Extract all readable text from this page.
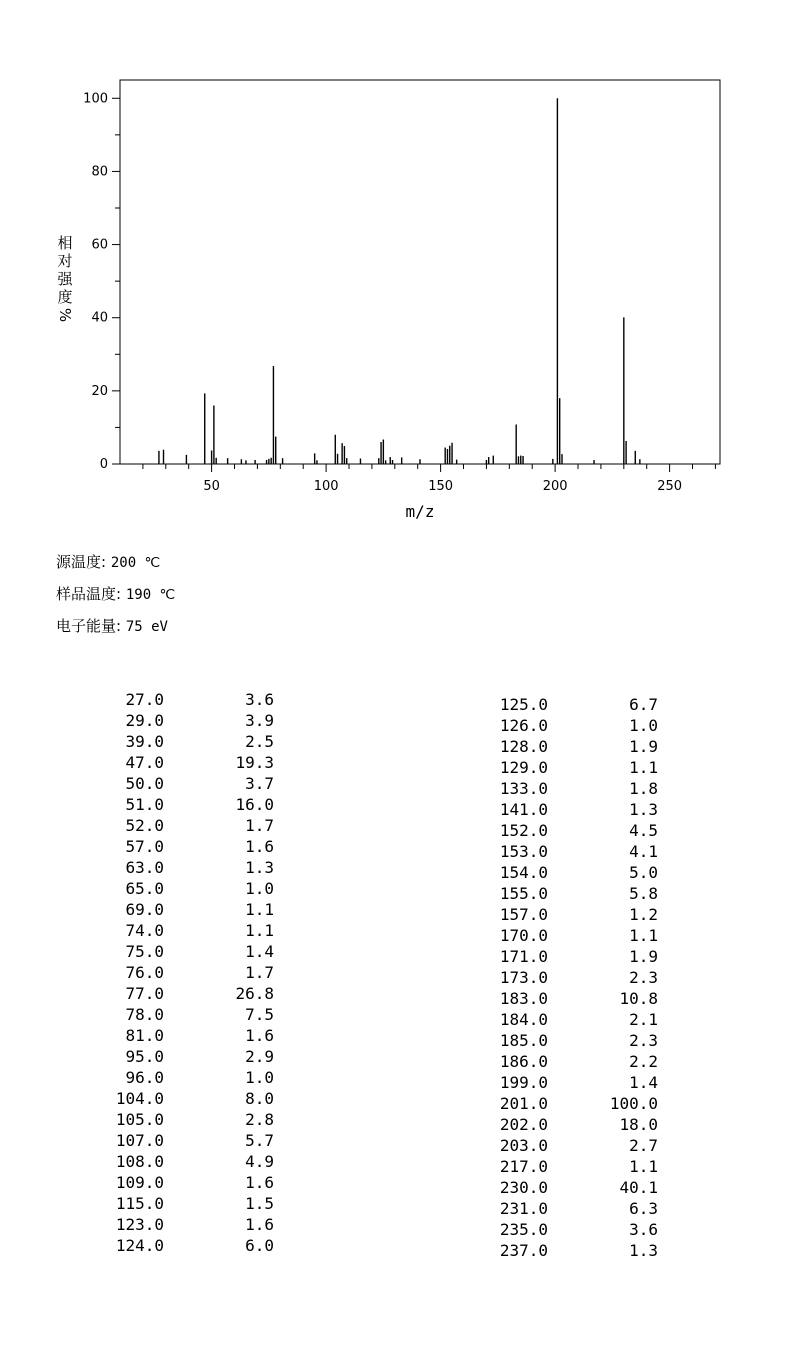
0
20
40
60
80
100
50	100	150	200	250
m/z
相
对
强
度
%
源温度: 200 ℃
样品温度: 190 ℃
电子能量: 75 eV
27.0	3.6
29.0	3.9
39.0	2.5
47.0	19.3
50.0	3.7
51.0	16.0
52.0	1.7
57.0	1.6
63.0	1.3
65.0	1.0
69.0	1.1
74.0	1.1
75.0	1.4
76.0	1.7
77.0	26.8
78.0	7.5
81.0	1.6
95.0	2.9
96.0	1.0
104.0	8.0
105.0	2.8
107.0	5.7
108.0	4.9
109.0	1.6
115.0	1.5
123.0	1.6
124.0	6.0
125.0	6.7
126.0	1.0
128.0	1.9
129.0	1.1
133.0	1.8
141.0	1.3
152.0	4.5
153.0	4.1
154.0	5.0
155.0	5.8
157.0	1.2
170.0	1.1
171.0	1.9
173.0	2.3
183.0	10.8
184.0	2.1
185.0	2.3
186.0	2.2
199.0	1.4
201.0	100.0
202.0	18.0
203.0	2.7
217.0	1.1
230.0	40.1
231.0	6.3
235.0	3.6
237.0	1.3
